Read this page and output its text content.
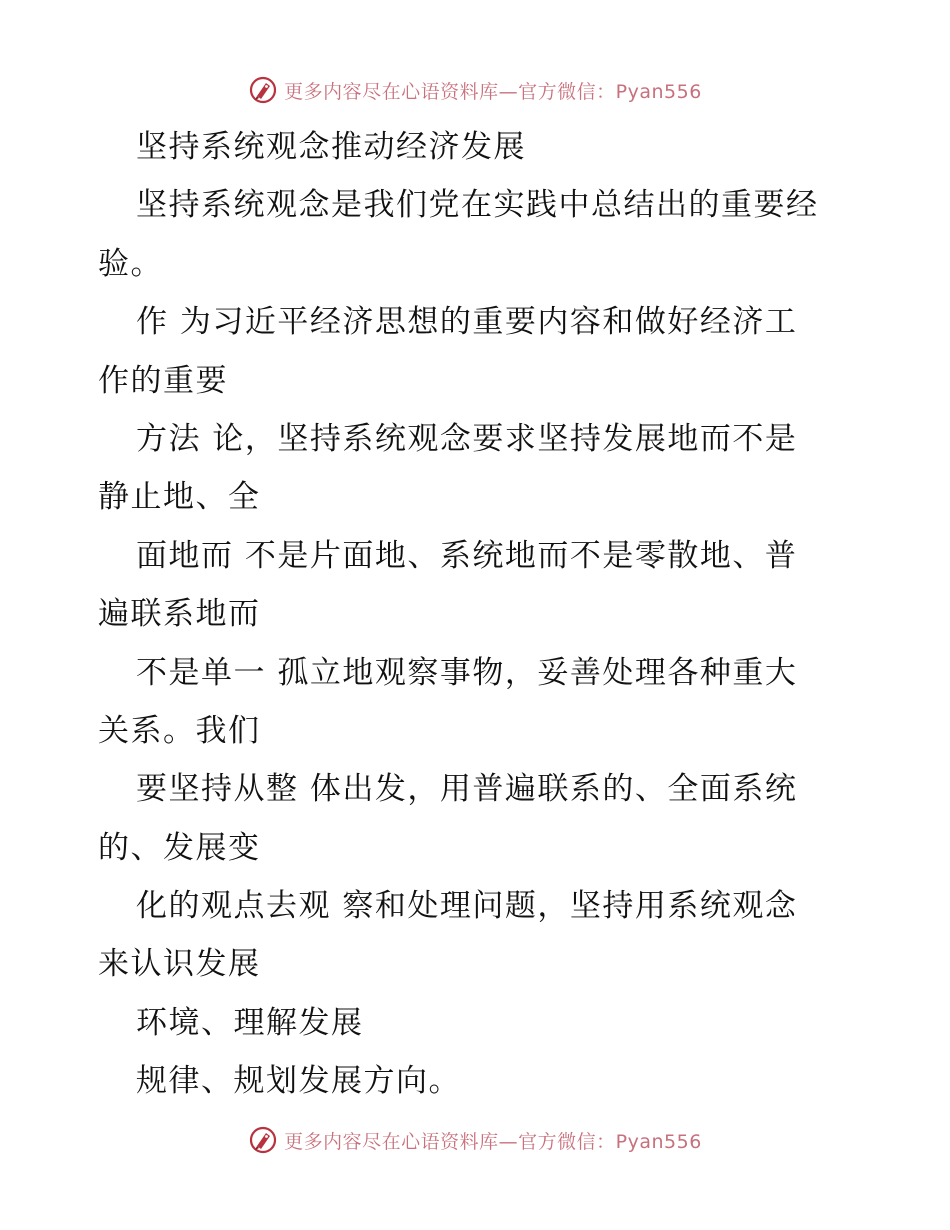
更多内容尽在心语资料库—官方微信：Pyan556
坚持系统观念推动经济发展
坚持系统观念是我们党在实践中总结出的重要经
验。
作 为习近平经济思想的重要内容和做好经济工
作的重要
方法 论，坚持系统观念要求坚持发展地而不是
静止地、全
面地而 不是片面地、系统地而不是零散地、普
遍联系地而
不是单一 孤立地观察事物，妥善处理各种重大
关系。我们
要坚持从整 体出发，用普遍联系的、全面系统
的、发展变
化的观点去观 察和处理问题，坚持用系统观念
来认识发展
环境、理解发展
规律、规划发展方向。
更多内容尽在心语资料库—官方微信：Pyan556
